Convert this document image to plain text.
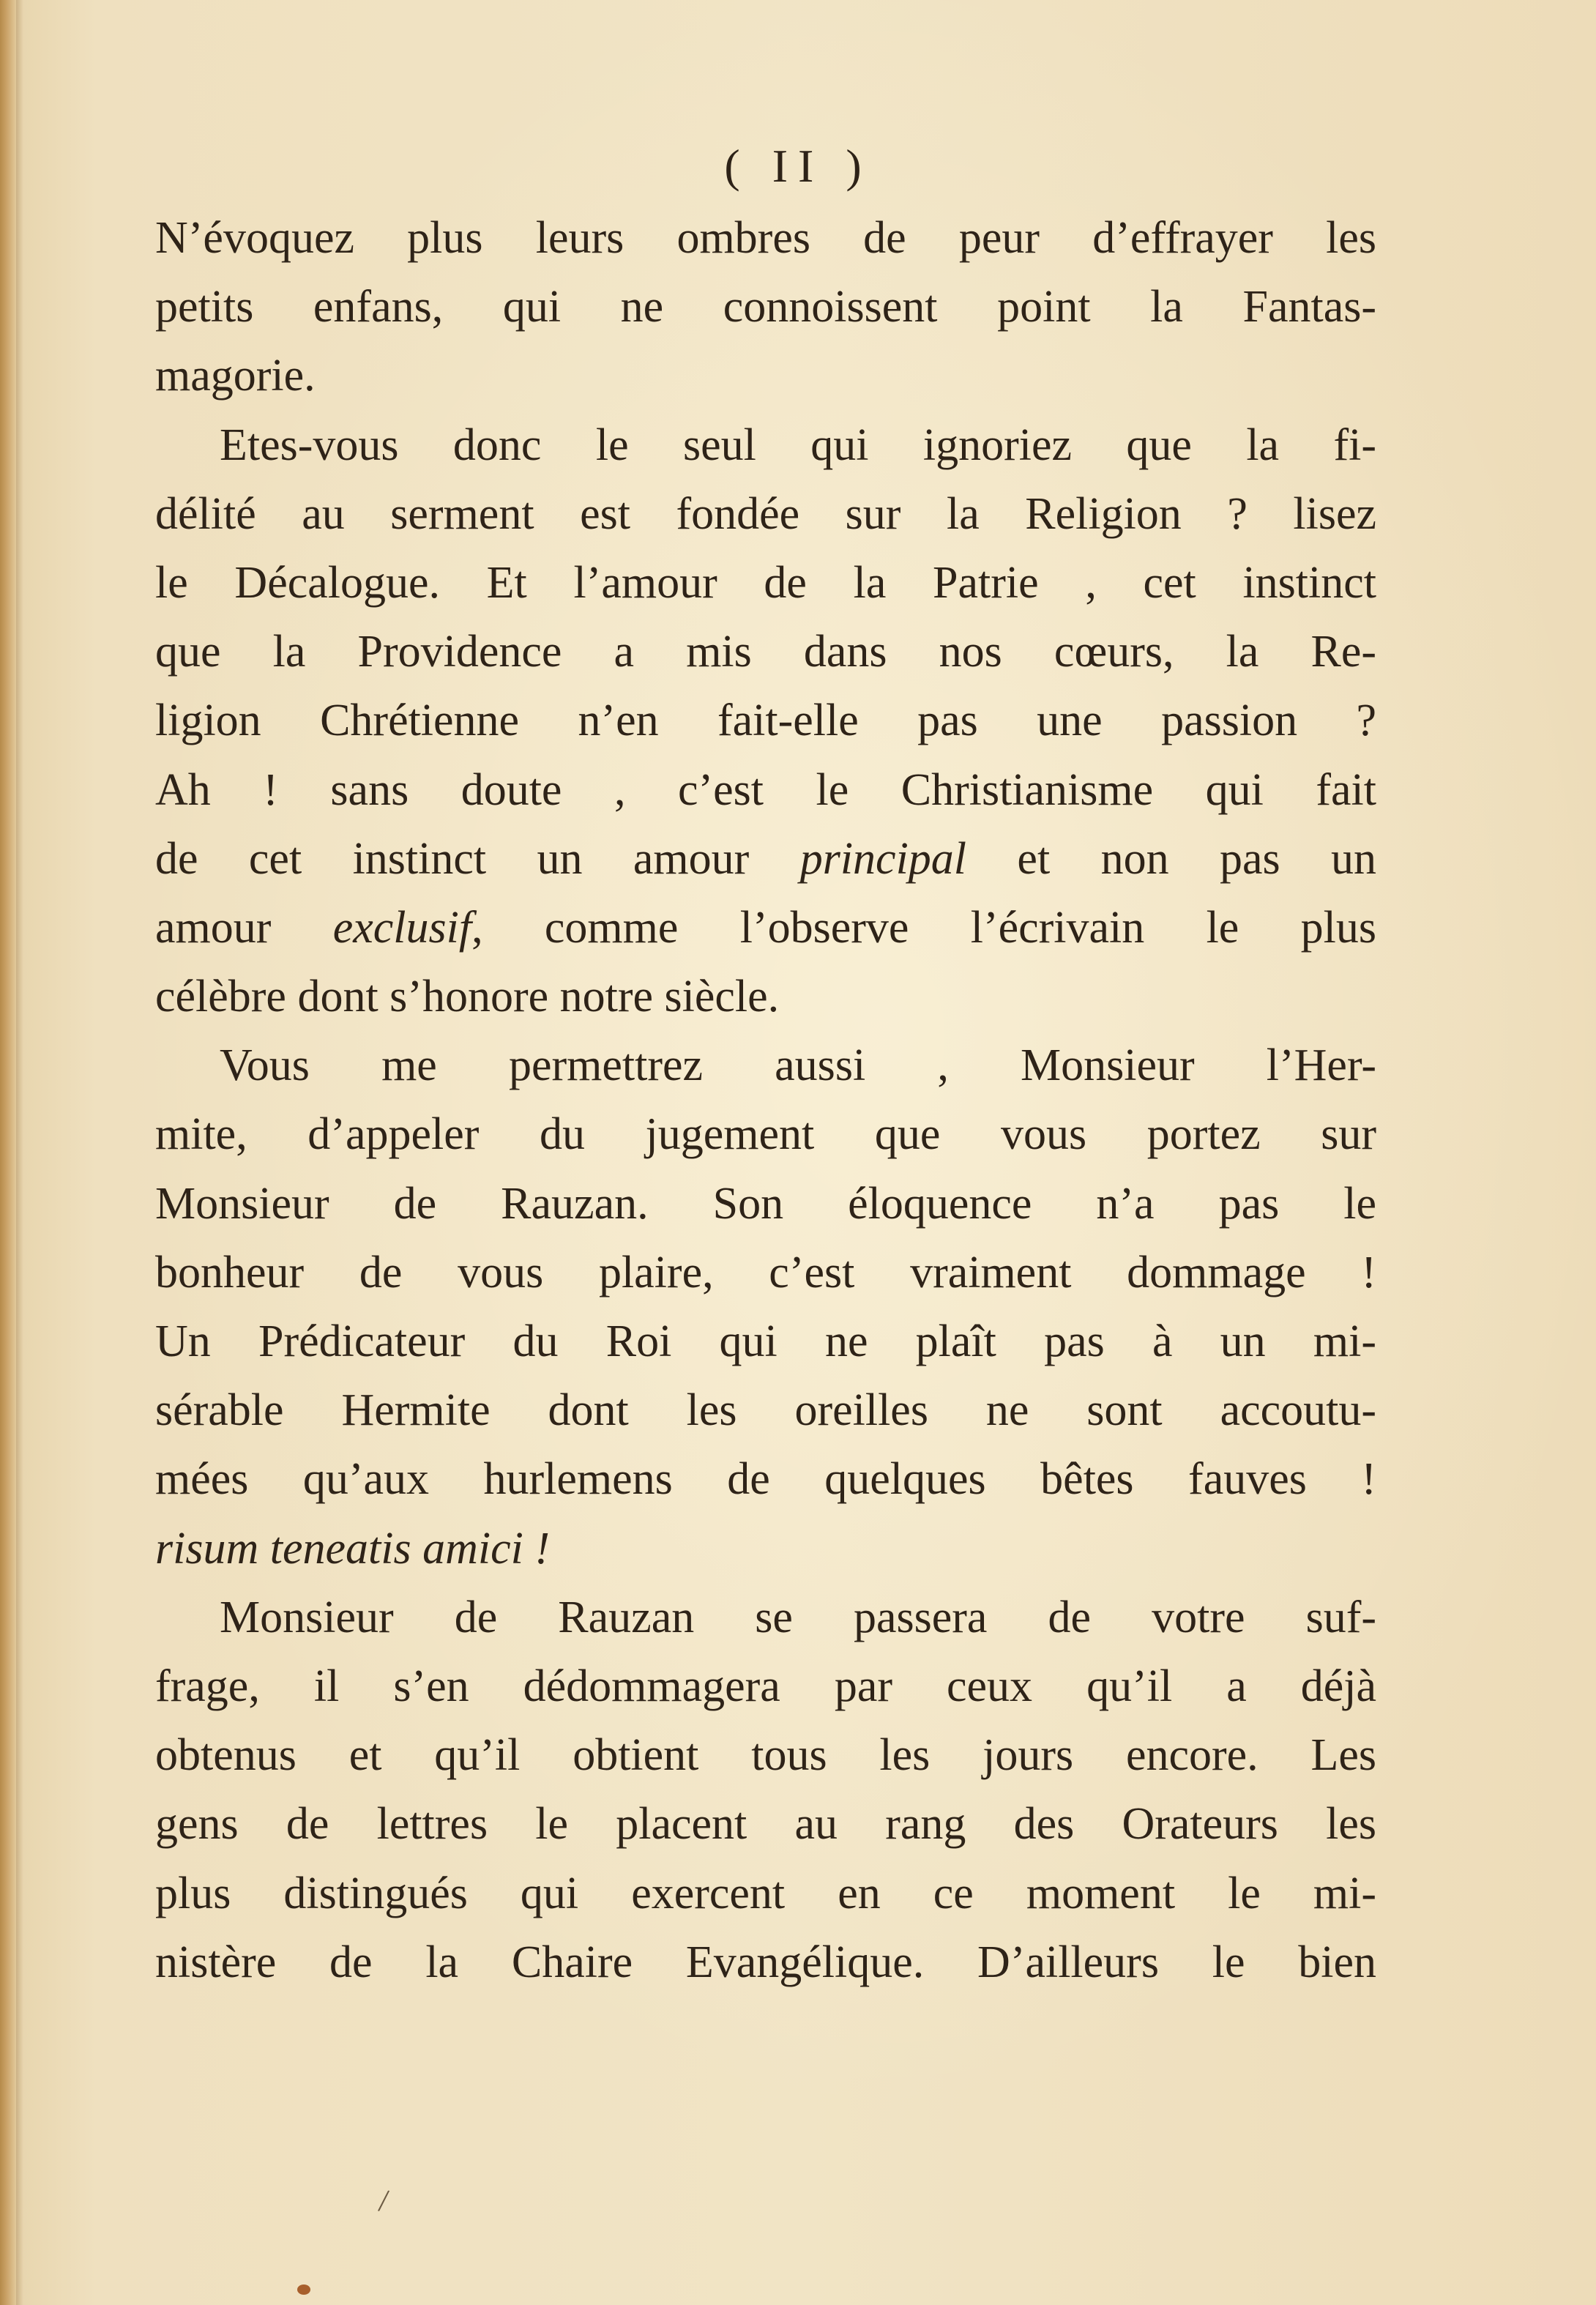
( II )
N’évoquez plus leurs ombres de peur d’effrayer les
petits enfans, qui ne connoissent point la Fantas-
magorie.
Etes-vous donc le seul qui ignoriez que la fi-
délité au serment est fondée sur la Religion ? lisez
le Décalogue. Et l’amour de la Patrie , cet instinct
que la Providence a mis dans nos cœurs, la Re-
ligion Chrétienne n’en fait-elle pas une passion ?
Ah ! sans doute , c’est le Christianisme qui fait
de cet instinct un amour principal et non pas un
amour exclusif, comme l’observe l’écrivain le plus
célèbre dont s’honore notre siècle.
Vous me permettrez aussi , Monsieur l’Her-
mite, d’appeler du jugement que vous portez sur
Monsieur de Rauzan. Son éloquence n’a pas le
bonheur de vous plaire, c’est vraiment dommage !
Un Prédicateur du Roi qui ne plaît pas à un mi-
sérable Hermite dont les oreilles ne sont accoutu-
mées qu’aux hurlemens de quelques bêtes fauves !
risum teneatis amici !
Monsieur de Rauzan se passera de votre suf-
frage, il s’en dédommagera par ceux qu’il a déjà
obtenus et qu’il obtient tous les jours encore. Les
gens de lettres le placent au rang des Orateurs les
plus distingués qui exercent en ce moment le mi-
nistère de la Chaire Evangélique. D’ailleurs le bien
/
